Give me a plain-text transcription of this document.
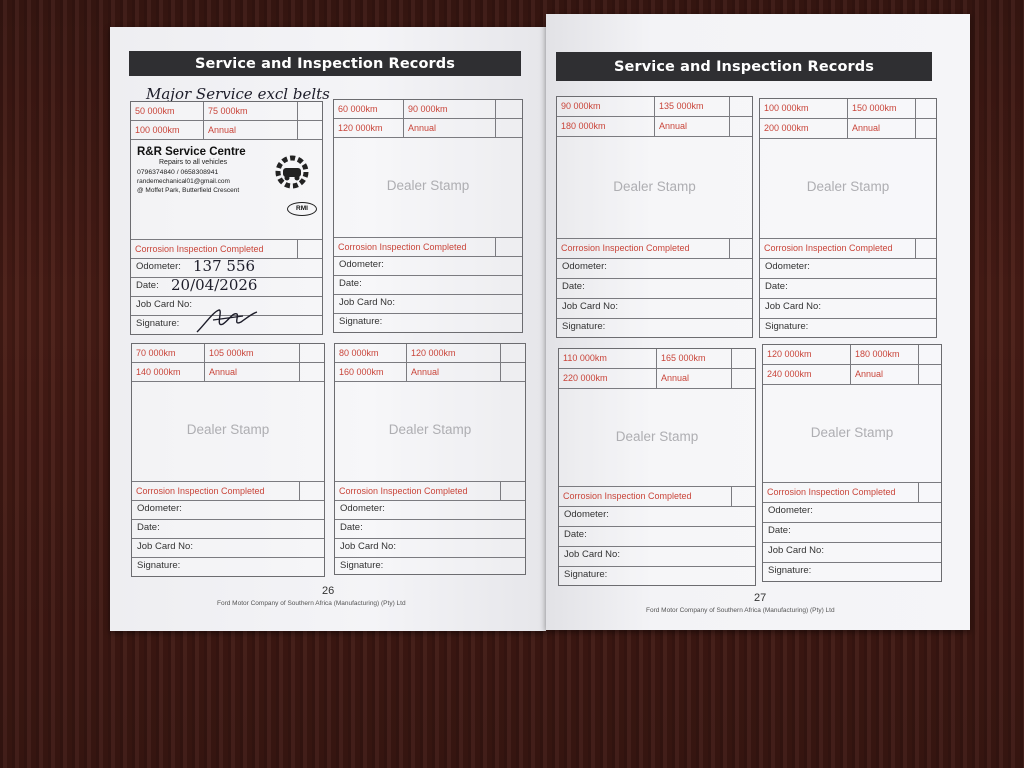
Service and Inspection Records
Major Service excl belts
50 000km	75 000km
100 000km	Annual
R&R Service Centre
Repairs to all vehicles
0796374840 / 0658308941
randemechanical01@gmail.com
@ Moffet Park, Butterfield Crescent
RMI
Corrosion Inspection Completed
Odometer: 137 556
Date: 20/04/2026
Job Card No:
Signature:
60 000km	90 000km
120 000km	Annual
Dealer Stamp
Corrosion Inspection Completed
Odometer:
Date:
Job Card No:
Signature:
70 000km	105 000km
140 000km	Annual
Dealer Stamp
Corrosion Inspection Completed
Odometer:
Date:
Job Card No:
Signature:
80 000km	120 000km
160 000km	Annual
Dealer Stamp
Corrosion Inspection Completed
Odometer:
Date:
Job Card No:
Signature:
26
Ford Motor Company of Southern Africa (Manufacturing) (Pty) Ltd
Service and Inspection Records
90 000km	135 000km
180 000km	Annual
Dealer Stamp
Corrosion Inspection Completed
Odometer:
Date:
Job Card No:
Signature:
100 000km	150 000km
200 000km	Annual
Dealer Stamp
Corrosion Inspection Completed
Odometer:
Date:
Job Card No:
Signature:
110 000km	165 000km
220 000km	Annual
Dealer Stamp
Corrosion Inspection Completed
Odometer:
Date:
Job Card No:
Signature:
120 000km	180 000km
240 000km	Annual
Dealer Stamp
Corrosion Inspection Completed
Odometer:
Date:
Job Card No:
Signature:
27
Ford Motor Company of Southern Africa (Manufacturing) (Pty) Ltd
